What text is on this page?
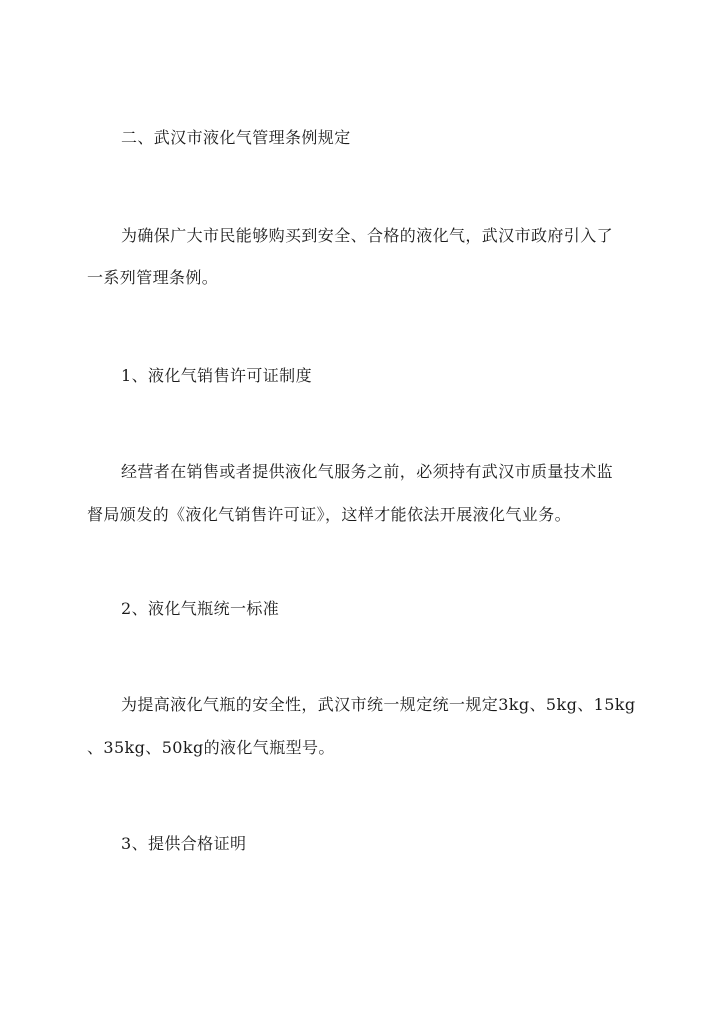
二、武汉市液化气管理条例规定
为确保广大市民能够购买到安全、合格的液化气，武汉市政府引入了
一系列管理条例。
1、液化气销售许可证制度
经营者在销售或者提供液化气服务之前，必须持有武汉市质量技术监
督局颁发的《液化气销售许可证》，这样才能依法开展液化气业务。
2、液化气瓶统一标准
为提高液化气瓶的安全性，武汉市统一规定统一规定3kg、5kg、15kg
、35kg、50kg的液化气瓶型号。
3、提供合格证明
